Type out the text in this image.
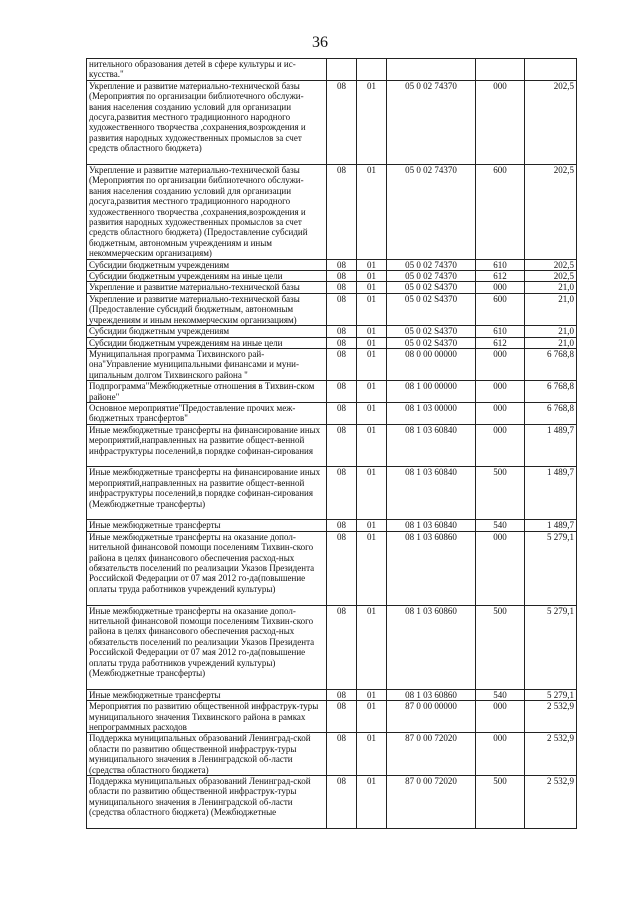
36
нительного образования детей в сфере культуры и ис-
кусства."					

Укрепление и развитие материально-технической базы (Мероприятия по организации библиотечного обслужи-вания населения созданию условий для организации досуга,развития местного традиционного народного художественного творчества ,сохранения,возрождения и развития народных художественных промыслов за счет средств областного бюджета)	08	01	05 0 02 74370	000	202,5
Укрепление и развитие материально-технической базы (Мероприятия по организации библиотечного обслужи-вания населения созданию условий для организации досуга,развития местного традиционного народного художественного творчества ,сохранения,возрождения и развития народных художественных промыслов за счет средств областного бюджета) (Предоставление субсидий бюджетным, автономным учреждениям и иным некоммерческим организациям)	08	01	05 0 02 74370	600	202,5
Субсидии бюджетным учреждениям	08	01	05 0 02 74370	610	202,5
Субсидии бюджетным учреждениям на иные цели	08	01	05 0 02 74370	612	202,5
Укрепление и развитие материально-технической базы	08	01	05 0 02 S4370	000	21,0
Укрепление и развитие материально-технической базы (Предоставление субсидий бюджетным, автономным учреждениям и иным некоммерческим организациям)	08	01	05 0 02 S4370	600	21,0
Субсидии бюджетным учреждениям	08	01	05 0 02 S4370	610	21,0
Субсидии бюджетным учреждениям на иные цели	08	01	05 0 02 S4370	612	21,0
Муниципальная программа Тихвинского рай-она"Управление муниципальными финансами и муни-ципальным долгом Тихвинского района "	08	01	08 0 00 00000	000	6 768,8
Подпрограмма"Межбюджетные отношения в Тихвин-ском районе"	08	01	08 1 00 00000	000	6 768,8
Основное мероприятие"Предоставление прочих меж-бюджетных трансфертов"	08	01	08 1 03 00000	000	6 768,8
Иные межбюджетные трансферты на финансирование иных мероприятий,направленных на развитие общест-венной инфраструктуры поселений,в порядке софинан-сирования	08	01	08 1 03 60840	000	1 489,7
Иные межбюджетные трансферты на финансирование иных мероприятий,направленных на развитие общест-венной инфраструктуры поселений,в порядке софинан-сирования (Межбюджетные трансферты)	08	01	08 1 03 60840	500	1 489,7
Иные межбюджетные трансферты	08	01	08 1 03 60840	540	1 489,7
Иные межбюджетные трансферты на оказание допол-нительной финансовой помощи поселениям Тихвин-ского района в целях финансового обеспечения расход-ных обязательств поселений по реализации Указов Президента Российской Федерации от 07 мая 2012 го-да(повышение оплаты труда работников учреждений культуры)	08	01	08 1 03 60860	000	5 279,1
Иные межбюджетные трансферты на оказание допол-нительной финансовой помощи поселениям Тихвин-ского района в целях финансового обеспечения расход-ных обязательств поселений по реализации Указов Президента Российской Федерации от 07 мая 2012 го-да(повышение оплаты труда работников учреждений культуры) (Межбюджетные трансферты)	08	01	08 1 03 60860	500	5 279,1
Иные межбюджетные трансферты	08	01	08 1 03 60860	540	5 279,1
Мероприятия по развитию общественной инфраструк-туры муниципального значения Тихвинского района в рамках непрограммных расходов	08	01	87 0 00 00000	000	2 532,9
Поддержка муниципальных образований Ленинград-ской области по развитию общественной инфраструк-туры муниципального значения в Ленинградской об-ласти (средства областного бюджета)	08	01	87 0 00 72020	000	2 532,9
Поддержка муниципальных образований Ленинград-ской области по развитию общественной инфраструк-туры муниципального значения в Ленинградской об-ласти (средства областного бюджета) (Межбюджетные	08	01	87 0 00 72020	500	2 532,9
